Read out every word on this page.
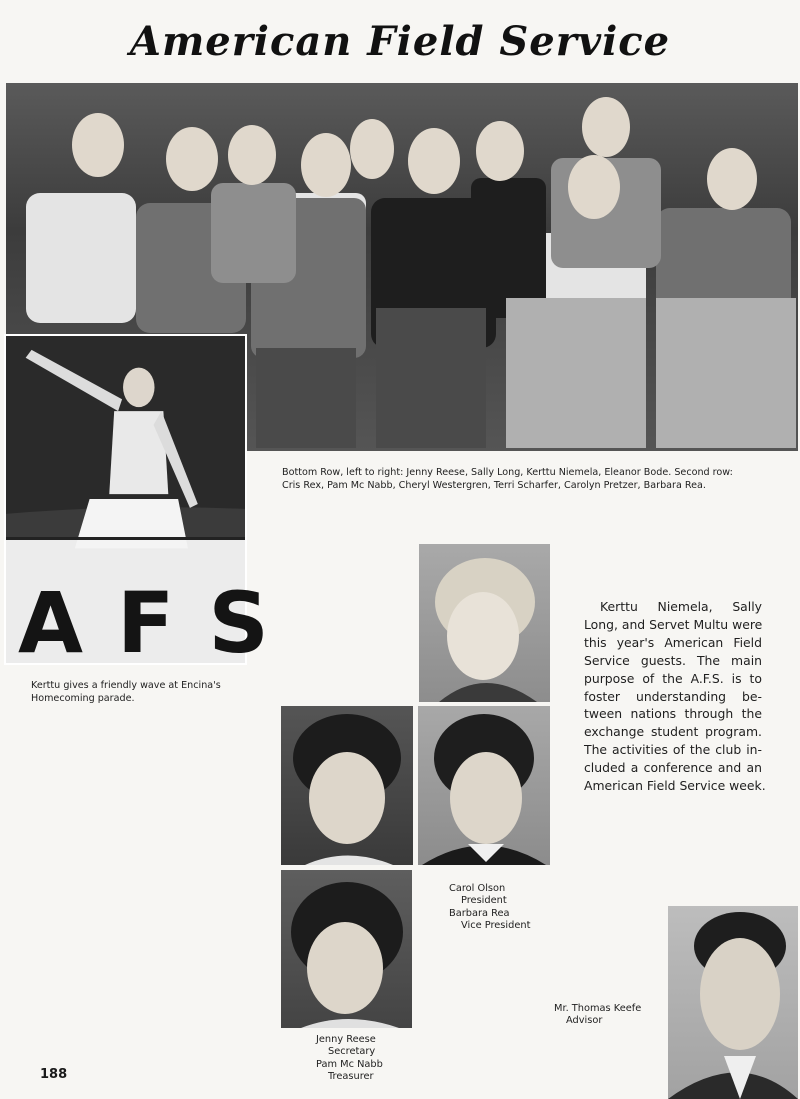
American Field Service
AFS
Bottom Row, left to right: Jenny Reese, Sally Long, Kerttu Niemela, Eleanor Bode. Second row:
Cris Rex, Pam Mc Nabb, Cheryl Westergren, Terri Scharfer, Carolyn Pretzer, Barbara Rea.
Kerttu gives a friendly wave at Encina's
Homecoming parade.
Kerttu Niemela, Sally
Long, and Servet Multu were
this year's American Field
Service guests. The main
purpose of the A.F.S. is to
foster understanding be-
tween nations through the
exchange student program.
The activities of the club in-
cluded a conference and an
American Field Service week.
Carol Olson
President
Barbara Rea
Vice President
Jenny Reese
Secretary
Pam Mc Nabb
Treasurer
Mr. Thomas Keefe
Advisor
188
